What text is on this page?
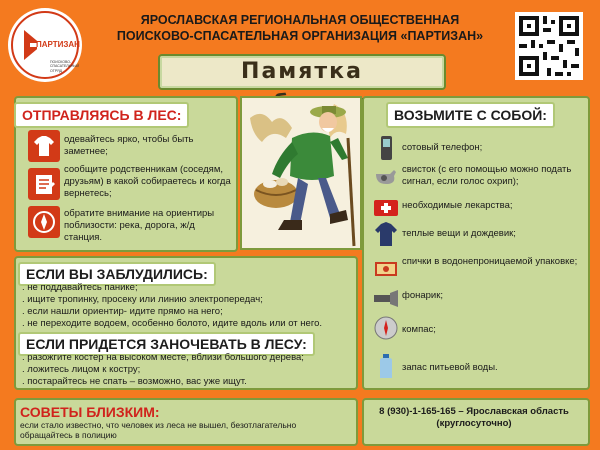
ПАРТИЗАН
ПОИСКОВО-СПАСАТЕЛЬНЫЙ ОТРЯД
ЯРОСЛАВСКАЯ РЕГИОНАЛЬНАЯ ОБЩЕСТВЕННАЯ
ПОИСКОВО-СПАСАТЕЛЬНАЯ ОРГАНИЗАЦИЯ «ПАРТИЗАН»
Памятка
ОТПРАВЛЯЯСЬ В ЛЕС:
одевайтесь ярко, чтобы быть заметнее;
сообщите родственникам (соседям, друзьям) в какой собираетесь и когда вернетесь;
обратите внимание на ориентиры поблизости: река, дорога, ж/д станция.
ВОЗЬМИТЕ С СОБОЙ:
сотовый телефон;
свисток (с его помощью можно подать сигнал, если голос охрип);
необходимые лекарства;
теплые вещи и дождевик;
спички в водонепроницаемой упаковке;
фонарик;
компас;
запас питьевой воды.
ЕСЛИ ВЫ ЗАБЛУДИЛИСЬ:
. не поддавайтесь панике;
. ищите тропинку, просеку или линию электропередач;
. если нашли ориентир- идите прямо на него;
. не переходите водоем, особенно болото, идите вдоль или от него.
ЕСЛИ ПРИДЕТСЯ ЗАНОЧЕВАТЬ В ЛЕСУ:
. разожгите костер на высоком месте, вблизи большого дерева;
. ложитесь лицом к костру;
. постарайтесь не спать – возможно, вас уже ищут.
СОВЕТЫ БЛИЗКИМ:
если стало известно, что человек из леса не вышел, безотлагательно обращайтесь в полицию
8 (930)-1-165-165 – Ярославская область
(круглосуточно)
